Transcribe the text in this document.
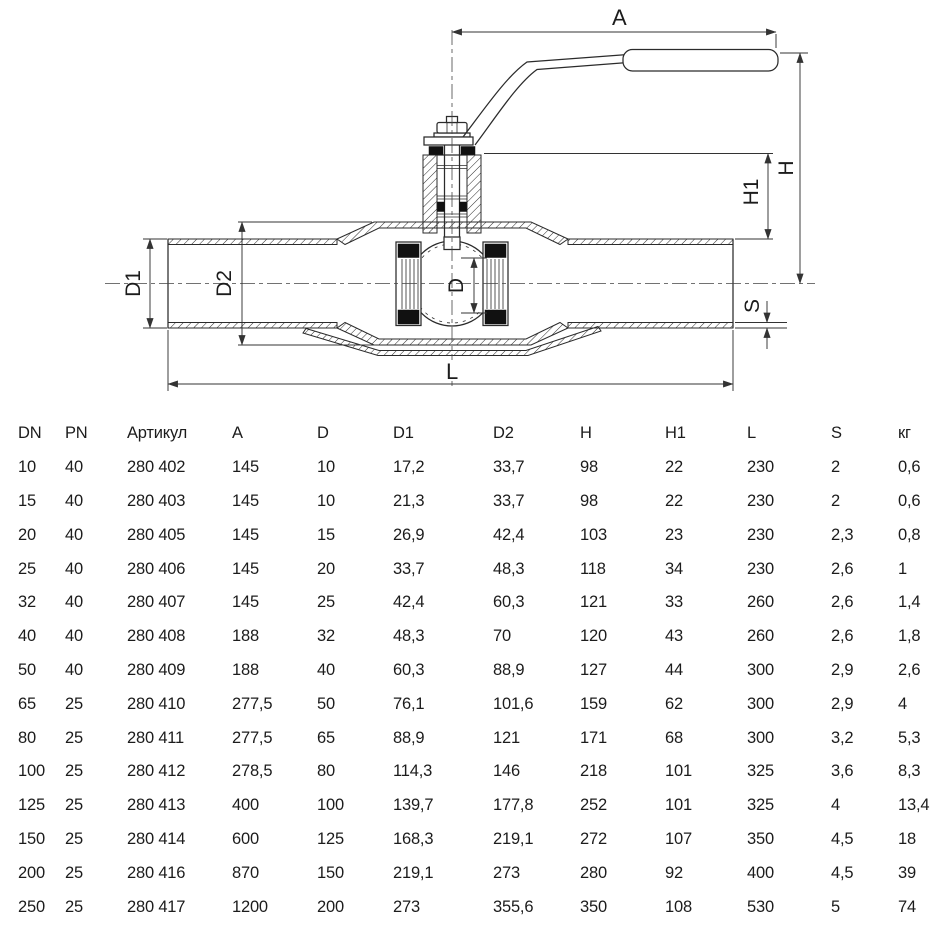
A
H
H1
S
L
D1	D2	D
DN	PN	Артикул	A	D	D1	D2	H	H1	L	S	кг
10	40	280 402	145	10	17,2	33,7	98	22	230	2	0,6
15	40	280 403	145	10	21,3	33,7	98	22	230	2	0,6
20	40	280 405	145	15	26,9	42,4	103	23	230	2,3	0,8
25	40	280 406	145	20	33,7	48,3	118	34	230	2,6	1
32	40	280 407	145	25	42,4	60,3	121	33	260	2,6	1,4
40	40	280 408	188	32	48,3	70	120	43	260	2,6	1,8
50	40	280 409	188	40	60,3	88,9	127	44	300	2,9	2,6
65	25	280 410	277,5	50	76,1	101,6	159	62	300	2,9	4
80	25	280 411	277,5	65	88,9	121	171	68	300	3,2	5,3
100	25	280 412	278,5	80	114,3	146	218	101	325	3,6	8,3
125	25	280 413	400	100	139,7	177,8	252	101	325	4	13,4
150	25	280 414	600	125	168,3	219,1	272	107	350	4,5	18
200	25	280 416	870	150	219,1	273	280	92	400	4,5	39
250	25	280 417	1200	200	273	355,6	350	108	530	5	74
